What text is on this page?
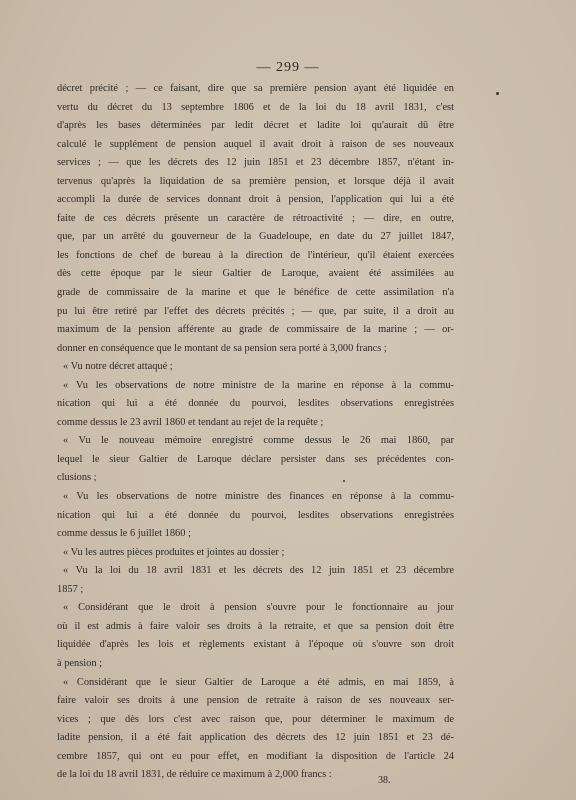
— 299 —
décret précité ; — ce faisant, dire que sa première pension ayant été liquidée en
vertu du décret du 13 septembre 1806 et de la loi du 18 avril 1831, c'est
d'après les bases déterminées par ledit décret et ladite loi qu'aurait dû être
calculé le supplément de pension auquel il avait droit à raison de ses nouveaux
services ; — que les décrets des 12 juin 1851 et 23 décembre 1857, n'étant in-
tervenus qu'après la liquidation de sa première pension, et lorsque déjà il avait
accompli la durée de services donnant droit à pension, l'application qui lui a été
faite de ces décrets présente un caractère de rétroactivité ; — dire, en outre,
que, par un arrêté du gouverneur de la Guadeloupe, en date du 27 juillet 1847,
les fonctions de chef de bureau à la direction de l'intérieur, qu'il étaient exercées
dès cette époque par le sieur Galtier de Laroque, avaient été assimilées au
grade de commissaire de la marine et que le bénéfice de cette assimilation n'a
pu lui être retiré par l'effet des décrets précités ; — que, par suite, il a droit au
maximum de la pension afférente au grade de commissaire de la marine ; — or-
donner en conséquence que le montant de sa pension sera porté à 3,000 francs ;
« Vu notre décret attaqué ;
« Vu les observations de notre ministre de la marine en réponse à la commu-
nication qui lui a été donnée du pourvoi, lesdites observations enregistrées
comme dessus le 23 avril 1860 et tendant au rejet de la requête ;
« Vu le nouveau mémoire enregistré comme dessus le 26 mai 1860, par
lequel le sieur Galtier de Laroque déclare persister dans ses précédentes con-
clusions ;
« Vu les observations de notre ministre des finances en réponse à la commu-
nication qui lui a été donnée du pourvoi, lesdites observations enregistrées
comme dessus le 6 juillet 1860 ;
« Vu les autres pièces produites et jointes au dossier ;
« Vu la loi du 18 avril 1831 et les décrets des 12 juin 1851 et 23 décembre
1857 ;
« Considérant que le droit à pension s'ouvre pour le fonctionnaire au jour
où il est admis à faire valoir ses droits à la retraite, et que sa pension doit être
liquidée d'après les lois et règlements existant à l'époque où s'ouvre son droit
à pension ;
« Considérant que le sieur Galtier de Laroque a été admis, en mai 1859, à
faire valoir ses droits à une pension de retraite à raison de ses nouveaux ser-
vices ; que dès lors c'est avec raison que, pour déterminer le maximum de
ladite pension, il a été fait application des décrets des 12 juin 1851 et 23 dé-
cembre 1857, qui ont eu pour effet, en modifiant la disposition de l'article 24
de la loi du 18 avril 1831, de réduire ce maximum à 2,000 francs :
38.
